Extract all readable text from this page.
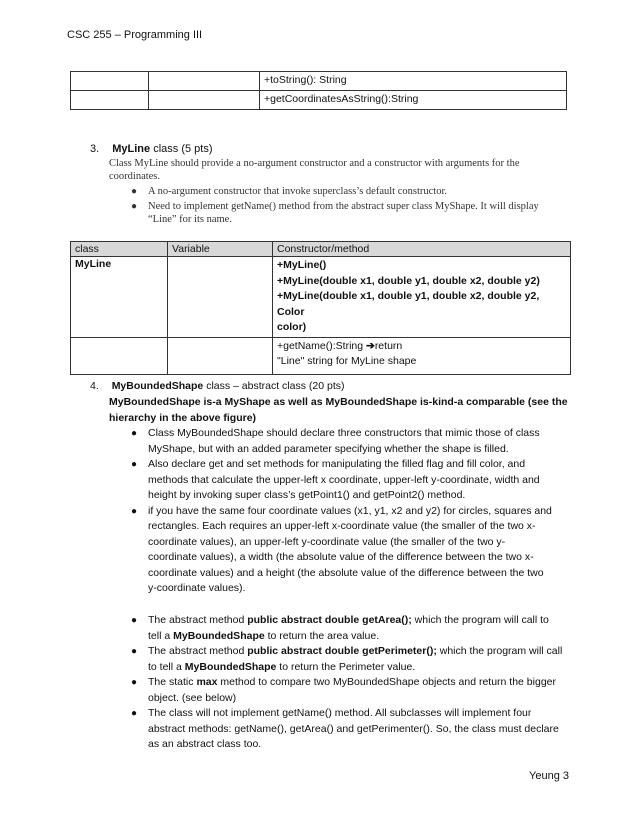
CSC 255 – Programming III
		+toString(): String
		+getCoordinatesAsString():String
3. MyLine class (5 pts)
Class MyLine should provide a no-argument constructor and a constructor with arguments for the
coordinates.
● A no-argument constructor that invoke superclass’s default constructor.
● Need to implement getName() method from the abstract super class MyShape. It will display
“Line” for its name.
class	Variable	Constructor/method
MyLine		+MyLine()
+MyLine(double x1, double y1, double x2, double y2)
+MyLine(double x1, double y1, double x2, double y2, Color
color)
		+getName():String ➔return
"Line" string for MyLine shape
4. MyBoundedShape class – abstract class (20 pts)
MyBoundedShape is-a MyShape as well as MyBoundedShape is-kind-a comparable (see the
hierarchy in the above figure)
● Class MyBoundedShape should declare three constructors that mimic those of class
MyShape, but with an added parameter specifying whether the shape is filled.
● Also declare get and set methods for manipulating the filled flag and fill color, and
methods that calculate the upper-left x coordinate, upper-left y-coordinate, width and
height by invoking super class’s getPoint1() and getPoint2() method.
● if you have the same four coordinate values (x1, y1, x2 and y2) for circles, squares and
rectangles. Each requires an upper-left x-coordinate value (the smaller of the two x-
coordinate values), an upper-left y-coordinate value (the smaller of the two y-
coordinate values), a width (the absolute value of the difference between the two x-
coordinate values) and a height (the absolute value of the difference between the two
y-coordinate values).
● The abstract method public abstract double getArea(); which the program will call to
tell a MyBoundedShape to return the area value.
● The abstract method public abstract double getPerimeter(); which the program will call
to tell a MyBoundedShape to return the Perimeter value.
● The static max method to compare two MyBoundedShape objects and return the bigger
object. (see below)
● The class will not implement getName() method. All subclasses will implement four
abstract methods: getName(), getArea() and getPerimenter(). So, the class must declare
as an abstract class too.
Yeung 3
